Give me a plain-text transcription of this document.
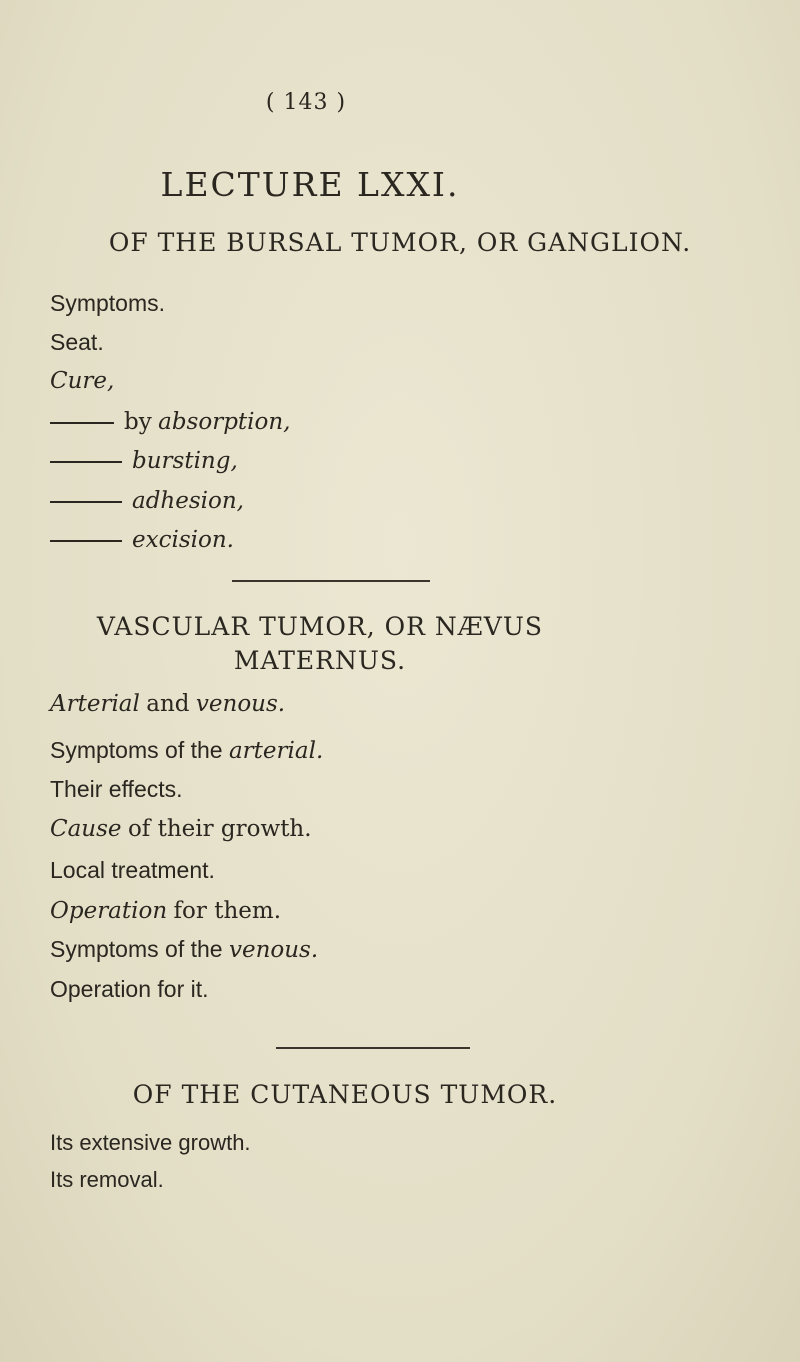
( 143 )
LECTURE LXXI.
OF THE BURSAL TUMOR, OR GANGLION.
Symptoms.
Seat.
Cure,
by absorption,
bursting,
adhesion,
excision.
VASCULAR TUMOR, OR NÆVUS
MATERNUS.
Arterial and venous.
Symptoms of the arterial.
Their effects.
Cause of their growth.
Local treatment.
Operation for them.
Symptoms of the venous.
Operation for it.
OF THE CUTANEOUS TUMOR.
Its extensive growth.
Its removal.
